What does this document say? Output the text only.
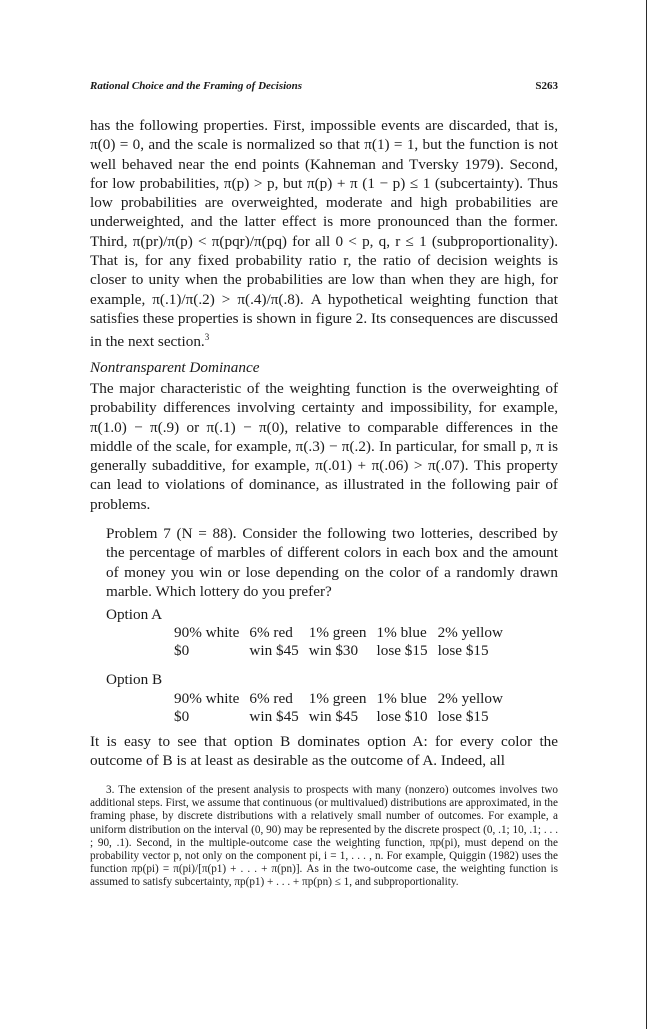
Rational Choice and the Framing of Decisions	S263

has the following properties. First, impossible events are discarded, that is, π(0) = 0, and the scale is normalized so that π(1) = 1, but the function is not well behaved near the end points (Kahneman and Tversky 1979). Second, for low probabilities, π(p) > p, but π(p) + π (1 − p) ≤ 1 (subcertainty). Thus low probabilities are overweighted, moderate and high probabilities are underweighted, and the latter effect is more pronounced than the former. Third, π(pr)/π(p) < π(pqr)/π(pq) for all 0 < p, q, r ≤ 1 (subproportionality). That is, for any fixed probability ratio r, the ratio of decision weights is closer to unity when the probabilities are low than when they are high, for example, π(.1)/π(.2) > π(.4)/π(.8). A hypothetical weighting function that satisfies these properties is shown in figure 2. Its consequences are discussed in the next section.$^3$

Nontransparent Dominance

The major characteristic of the weighting function is the overweighting of probability differences involving certainty and impossibility, for example, π(1.0) − π(.9) or π(.1) − π(0), relative to comparable differences in the middle of the scale, for example, π(.3) − π(.2). In particular, for small p, π is generally subadditive, for example, π(.01) + π(.06) > π(.07). This property can lead to violations of dominance, as illustrated in the following pair of problems.

Problem 7 (N = 88). Consider the following two lotteries, described by the percentage of marbles of different colors in each box and the amount of money you win or lose depending on the color of a randomly drawn marble. Which lottery do you prefer?

Option A
90% white	6% red	1% green	1% blue	2% yellow
$0	win $45	win $30	lose $15	lose $15
Option B
90% white	6% red	1% green	1% blue	2% yellow
$0	win $45	win $45	lose $10	lose $15

It is easy to see that option B dominates option A: for every color the outcome of B is at least as desirable as the outcome of A. Indeed, all

3. The extension of the present analysis to prospects with many (nonzero) outcomes involves two additional steps. First, we assume that continuous (or multivalued) distributions are approximated, in the framing phase, by discrete distributions with a relatively small number of outcomes. For example, a uniform distribution on the interval (0, 90) may be represented by the discrete prospect (0, .1; 10, .1; . . . ; 90, .1). Second, in the multiple-outcome case the weighting function, πp(pi), must depend on the probability vector p, not only on the component pi, i = 1, . . . , n. For example, Quiggin (1982) uses the function πp(pi) = π(pi)/[π(p1) + . . . + π(pn)]. As in the two-outcome case, the weighting function is assumed to satisfy subcertainty, πp(p1) + . . . + πp(pn) ≤ 1, and subproportionality.
